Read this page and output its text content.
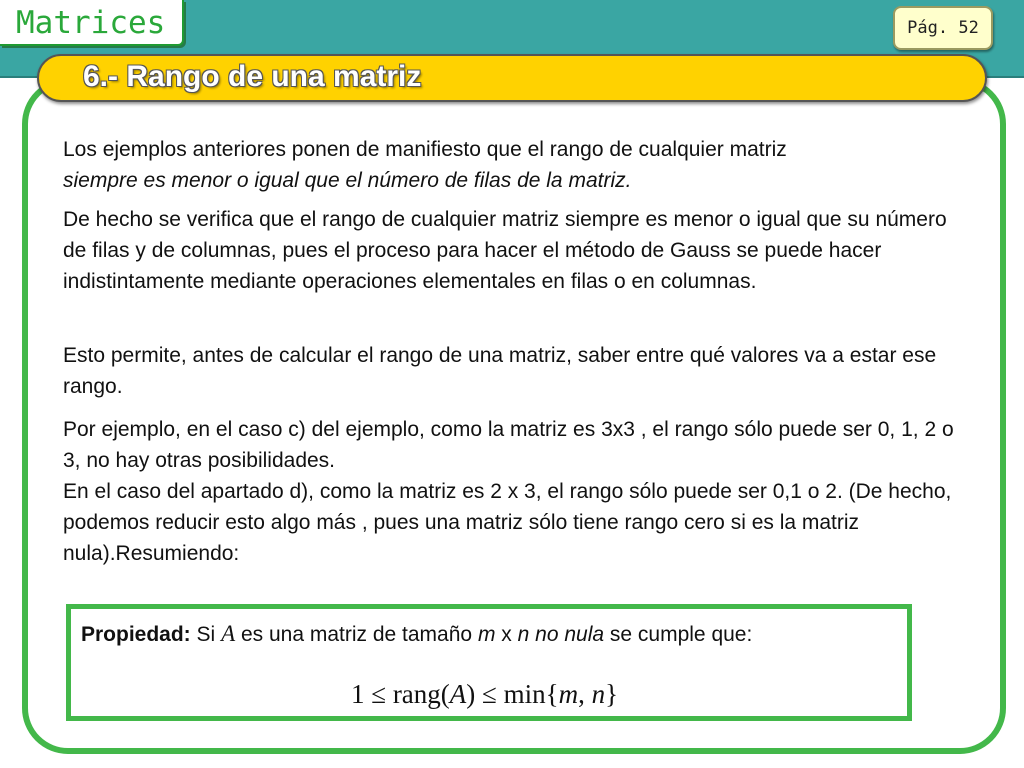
Matrices	Pág. 52
6.- Rango de una matriz

Los ejemplos anteriores ponen de manifiesto que el rango de cualquier matriz
siempre es menor o igual que el número de filas de la matriz.

De hecho se verifica que el rango de cualquier matriz siempre es menor o igual que su número de filas y de columnas, pues el proceso para hacer el método de Gauss se puede hacer indistintamente mediante operaciones elementales en filas o en columnas.

Esto permite, antes de calcular el rango de una matriz, saber entre qué valores va a estar ese rango.

Por ejemplo, en el caso c) del ejemplo, como la matriz es 3x3 , el rango sólo puede ser 0, 1, 2 o 3, no hay otras posibilidades.

En el caso del apartado d), como la matriz es 2 x 3, el rango sólo puede ser 0,1 o 2. (De hecho, podemos reducir esto algo más , pues una matriz sólo tiene rango cero si es la matriz nula).Resumiendo:

Propiedad: Si A es una matriz de tamaño m x n no nula se cumple que:
1 ≤ rang(A) ≤ min{m, n}
